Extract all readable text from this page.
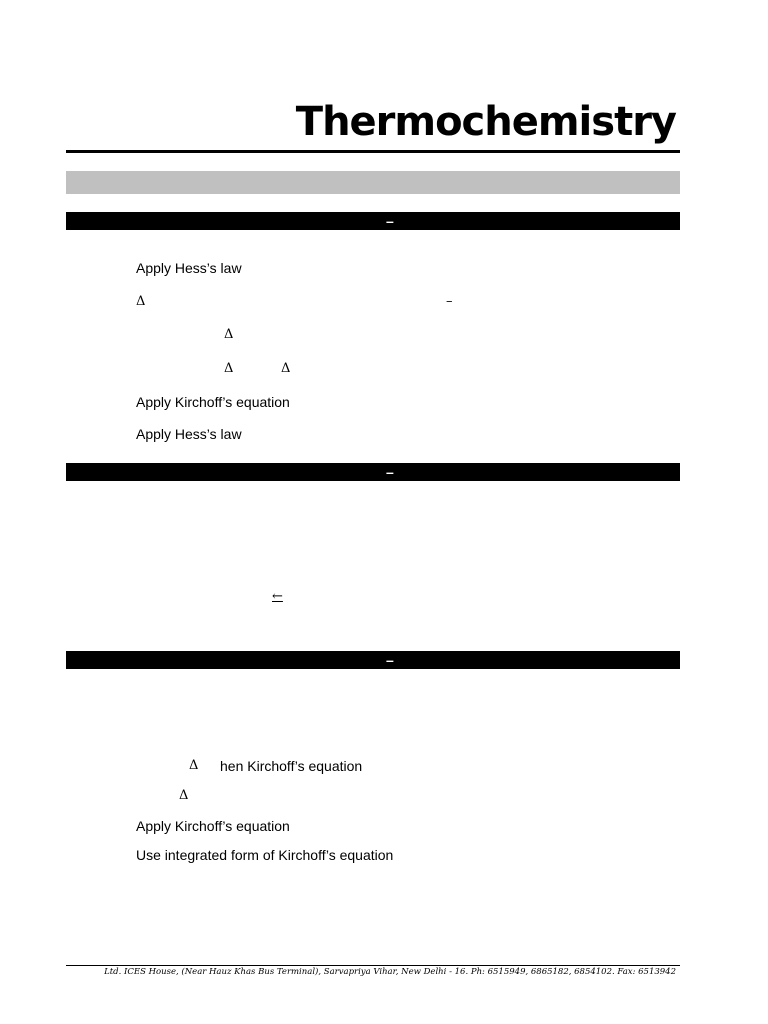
Thermochemistry
–
Apply Hess’s law
Δ	–
Δ
Δ	Δ
Apply Kirchoff’s equation
Apply Hess’s law
–
←
–
Δ hen Kirchoff’s equation
Δ
Apply Kirchoff’s equation
Use integrated form of Kirchoff’s equation
Ltd. ICES House, (Near Hauz Khas Bus Terminal), Sarvapriya Vihar, New Delhi - 16. Ph: 6515949, 6865182, 6854102. Fax: 6513942
